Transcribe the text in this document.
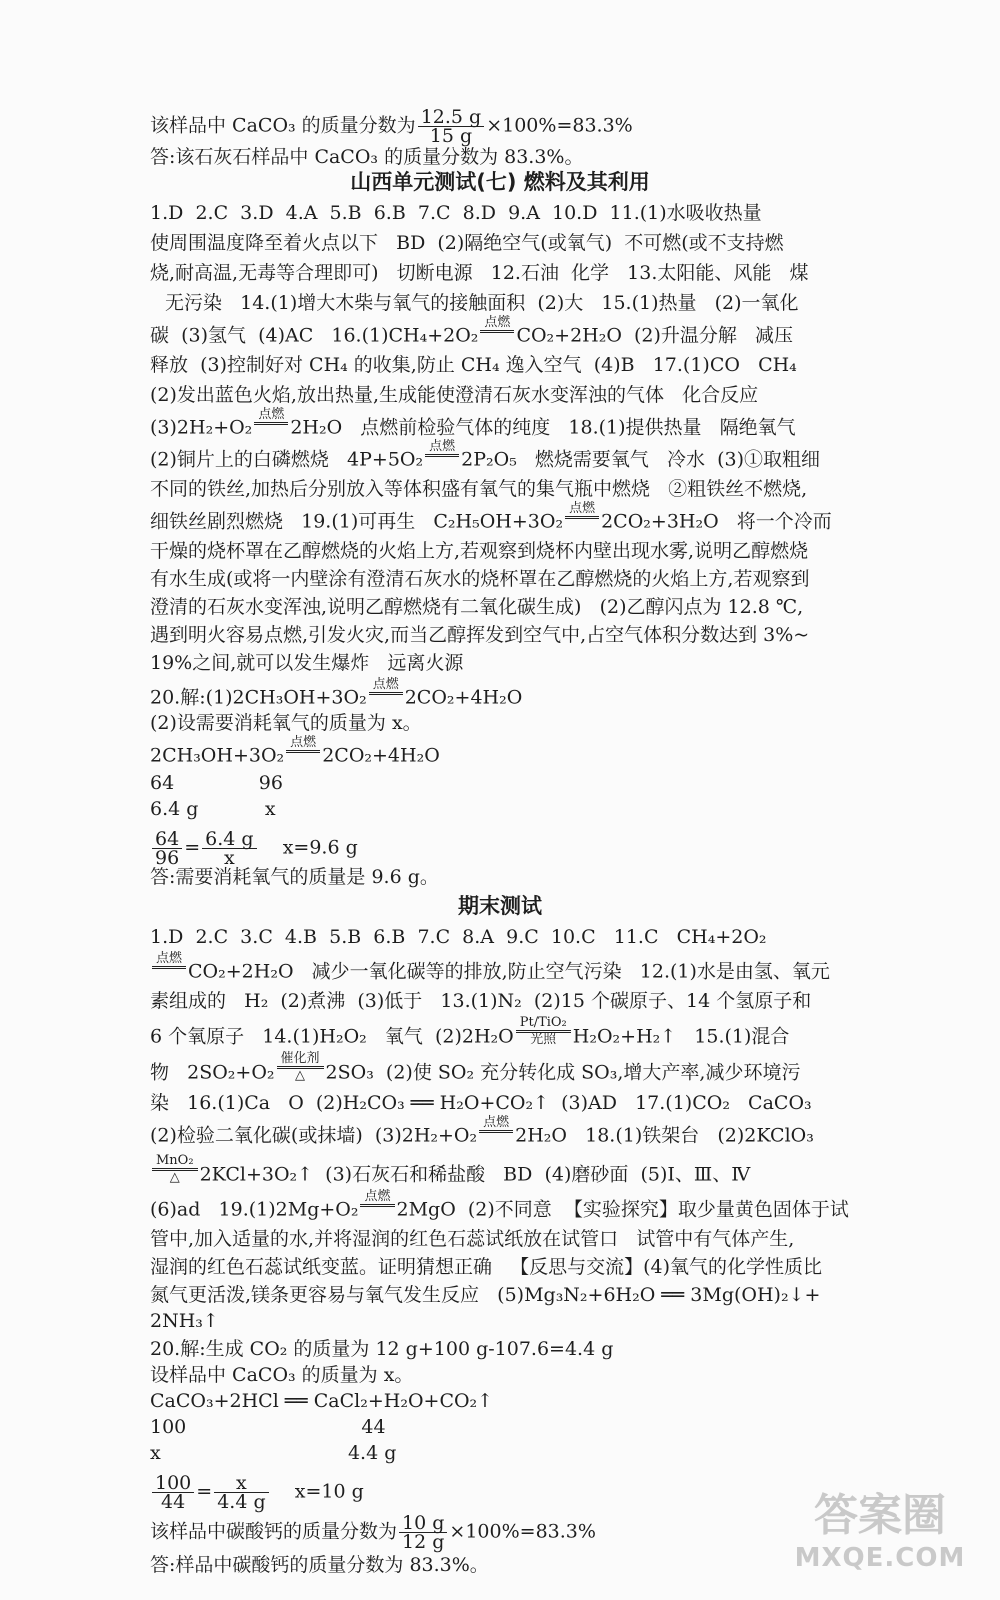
该样品中 CaCO₃ 的质量分数为 $\frac{12.5 g}{15 g} \times 100\%=83.3\%$
答:该石灰石样品中 CaCO₃ 的质量分数为 83.3%。
山西单元测试(七) 燃料及其利用
1.D  2.C  3.D  4.A  5.B  6.B  7.C  8.D  9.A  10.D  11.(1)水吸收热量
使周围温度降至着火点以下   BD  (2)隔绝空气(或氧气)  不可燃(或不支持燃
烧,耐高温,无毒等合理即可)   切断电源   12.石油  化学   13.太阳能、风能   煤
无污染   14.(1)增大木柴与氧气的接触面积  (2)大   15.(1)热量   (2)一氧化
碳  (3)氢气  (4)AC   16.(1)CH₄+2O₂
点燃
CO₂+2H₂O  (2)升温分解   减压
释放  (3)控制好对 CH₄ 的收集,防止 CH₄ 逸入空气  (4)B   17.(1)CO   CH₄
(2)发出蓝色火焰,放出热量,生成能使澄清石灰水变浑浊的气体   化合反应
(3)2H₂+O₂
点燃
2H₂O   点燃前检验气体的纯度   18.(1)提供热量   隔绝氧气
(2)铜片上的白磷燃烧   4P+5O₂
点燃
2P₂O₅   燃烧需要氧气   冷水  (3)①取粗细
不同的铁丝,加热后分别放入等体积盛有氧气的集气瓶中燃烧   ②粗铁丝不燃烧,
细铁丝剧烈燃烧   19.(1)可再生   C₂H₅OH+3O₂
点燃
2CO₂+3H₂O   将一个冷而
干燥的烧杯罩在乙醇燃烧的火焰上方,若观察到烧杯内壁出现水雾,说明乙醇燃烧
有水生成(或将一内壁涂有澄清石灰水的烧杯罩在乙醇燃烧的火焰上方,若观察到
澄清的石灰水变浑浊,说明乙醇燃烧有二氧化碳生成)   (2)乙醇闪点为 12.8 ℃,
遇到明火容易点燃,引发火灾,而当乙醇挥发到空气中,占空气体积分数达到 3%~
19%之间,就可以发生爆炸   远离火源
20.解:(1)2CH₃OH+3O₂
点燃
2CO₂+4H₂O
(2)设需要消耗氧气的质量为 x。
2CH₃OH+3O₂
点燃
2CO₂+4H₂O
64              96
6.4 g           x
$\frac{64}{96} = \frac{6.4 g}{x} x=9.6$ g
答:需要消耗氧气的质量是 9.6 g。
期末测试
1.D  2.C  3.C  4.B  5.B  6.B  7.C  8.A  9.C  10.C   11.C   CH₄+2O₂
点燃
CO₂+2H₂O   减少一氧化碳等的排放,防止空气污染   12.(1)水是由氢、氧元
素组成的   H₂  (2)煮沸  (3)低于   13.(1)N₂  (2)15 个碳原子、14 个氢原子和
6 个氧原子   14.(1)H₂O₂   氧气  (2)2H₂O
Pt/TiO₂
光照 H₂O₂+H₂↑   15.(1)混合
物   2SO₂+O₂
催化剂
△	2SO₃  (2)使 SO₂ 充分转化成 SO₃,增大产率,减少环境污
染   16.(1)Ca   O  (2)H₂CO₃ ══ H₂O+CO₂↑  (3)AD   17.(1)CO₂   CaCO₃
(2)检验二氧化碳(或抹墙)  (3)2H₂+O₂
点燃
2H₂O   18.(1)铁架台   (2)2KClO₃
MnO₂
△	2KCl+3O₂↑  (3)石灰石和稀盐酸   BD  (4)磨砂面  (5)Ⅰ、Ⅲ、Ⅳ
(6)ad   19.(1)2Mg+O₂
点燃
2MgO  (2)不同意  【实验探究】取少量黄色固体于试
管中,加入适量的水,并将湿润的红色石蕊试纸放在试管口   试管中有气体产生,
湿润的红色石蕊试纸变蓝。证明猜想正确   【反思与交流】(4)氧气的化学性质比
氮气更活泼,镁条更容易与氧气发生反应   (5)Mg₃N₂+6H₂O ══ 3Mg(OH)₂↓+
2NH₃↑
20.解:生成 CO₂ 的质量为 12 g+100 g-107.6=4.4 g
设样品中 CaCO₃ 的质量为 x。
CaCO₃+2HCl ══ CaCl₂+H₂O+CO₂↑
100                             44
x                               4.4 g
$\frac{100}{44} = \frac{x}{4.4 g} x=10$ g
该样品中碳酸钙的质量分数为 $\frac{10 g}{12 g} \times 100\%=83.3\%$
答:样品中碳酸钙的质量分数为 83.3%。
答案圈
MXQE.COM
